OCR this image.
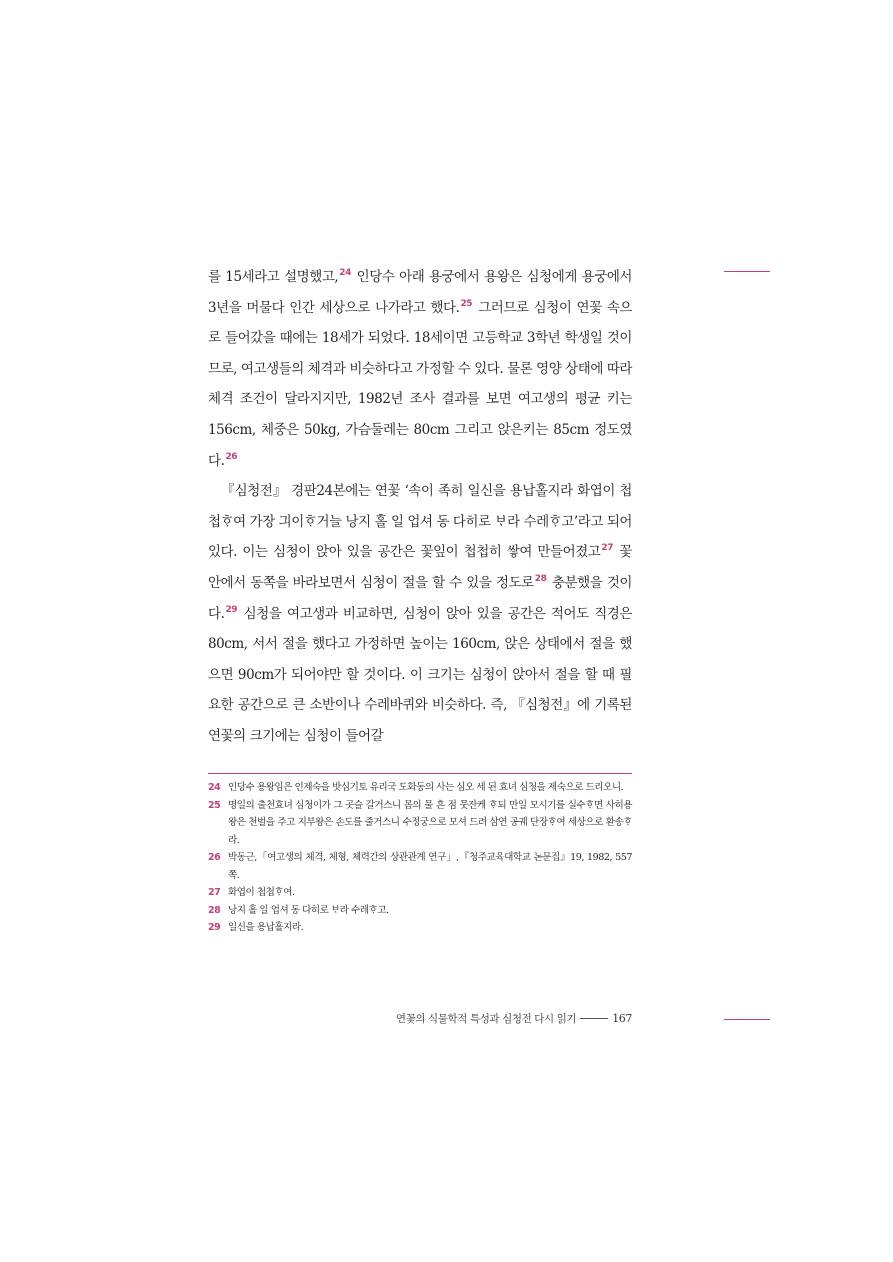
를 15세라고 설명했고,$^{24}$ 인당수 아래 용궁에서 용왕은 심청에게 용궁에서 3년을 머물다 인간 세상으로 나가라고 했다.$^{25}$ 그러므로 심청이 연꽃 속으로 들어갔을 때에는 18세가 되었다. 18세이면 고등학교 3학년 학생일 것이므로, 여고생들의 체격과 비슷하다고 가정할 수 있다. 물론 영양 상태에 따라 체격 조건이 달라지지만, 1982년 조사 결과를 보면 여고생의 평균 키는 156cm, 체중은 50kg, 가슴둘레는 80cm 그리고 앉은키는 85cm 정도였다.$^{26}$

『심청전』 경판24본에는 연꽃 ‘속이 족히 일신을 용납홀지라 화엽이 첩첩ᄒᆞ여 가장 긔이ᄒᆞ거늘 낭지 홀 일 업셔 동 다히로 ᄇᆞ라 수레ᄒᆞ고’라고 되어있다. 이는 심청이 앉아 있을 공간은 꽃잎이 첩첩히 쌓여 만들어졌고$^{27}$ 꽃 안에서 동쪽을 바라보면서 심청이 절을 할 수 있을 정도로$^{28}$ 충분했을 것이다.$^{29}$ 심청을 여고생과 비교하면, 심청이 앉아 있을 공간은 적어도 직경은 80cm, 서서 절을 했다고 가정하면 높이는 160cm, 앉은 상태에서 절을 했으면 90cm가 되어야만 할 것이다. 이 크기는 심청이 앉아서 절을 할 때 필요한 공간으로 큰 소반이나 수레바퀴와 비슷하다. 즉, 『심청전』에 기록된 연꽃의 크기에는 심청이 들어갈

24 인당수 용왕임은 인제숙을 밧심기토 유리국 도화동의 사는 심오 세 된 효녀 심청을 제숙으로 드리오니.
25 명일의 출천효녀 심청이가 그 곳슬 갈거스니 몸의 물 흔 점 뭇잔케 ᄒᆞ되 만일 모시기를 실수ᄒᆞ면 사히용왕은 천벌을 주고 지부왕은 손도를 줄거스니 수정궁으로 모셔 드려 삼연 공궤 단장ᄒᆞ여 세상으로 환송ᄒᆞ라.
26 박동근,「여고생의 체격, 체형, 체력간의 상관관계 연구」,『청주교육대학교 논문집』19, 1982, 557쪽.
27 화엽이 첩첩ᄒᆞ여.
28 낭지 홀 일 업셔 동 다히로 ᄇᆞ라 수레ᄒᆞ고.
29 일신을 용납홀지라.
연꽃의 식물학적 특성과 심청전 다시 읽기	167
